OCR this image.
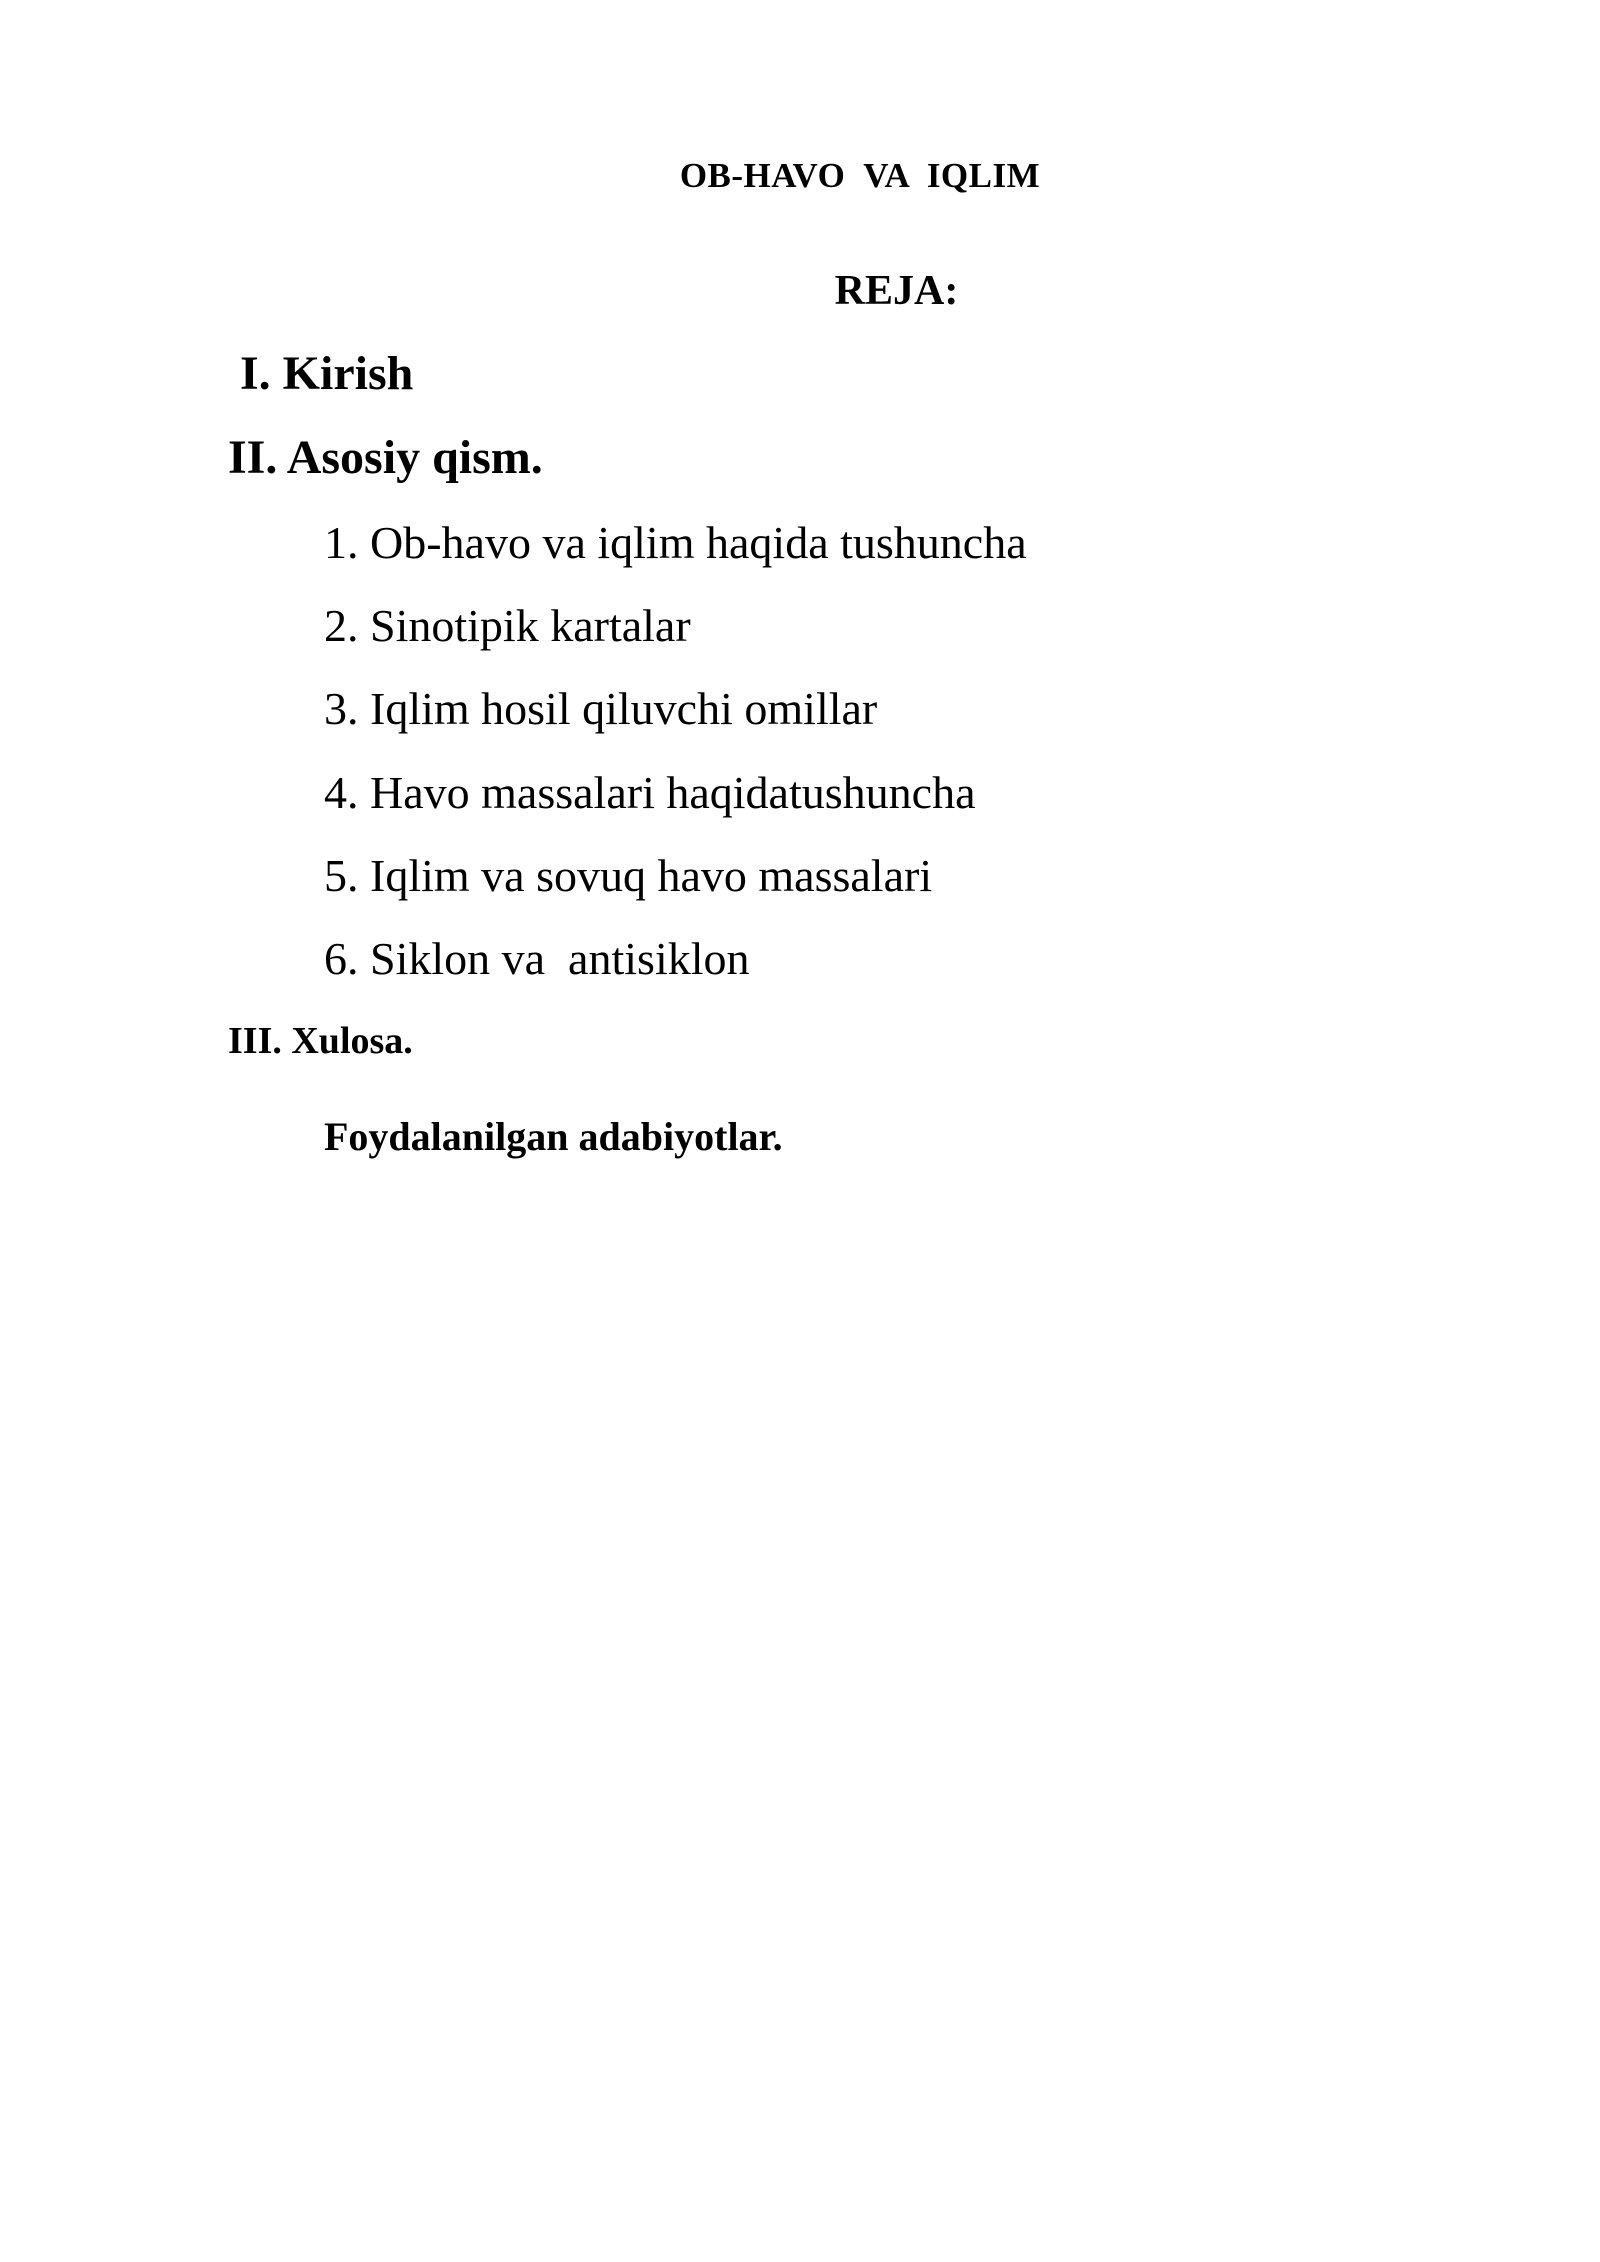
OB-HAVO  VA  IQLIM
REJA:
I. Kirish
II. Asosiy qism.
1. Ob-havo va iqlim haqida tushuncha
2. Sinotipik kartalar
3. Iqlim hosil qiluvchi omillar
4. Havo massalari haqidatushuncha
5. Iqlim va sovuq havo massalari
6. Siklon va  antisiklon
III. Xulosa.
Foydalanilgan adabiyotlar.
